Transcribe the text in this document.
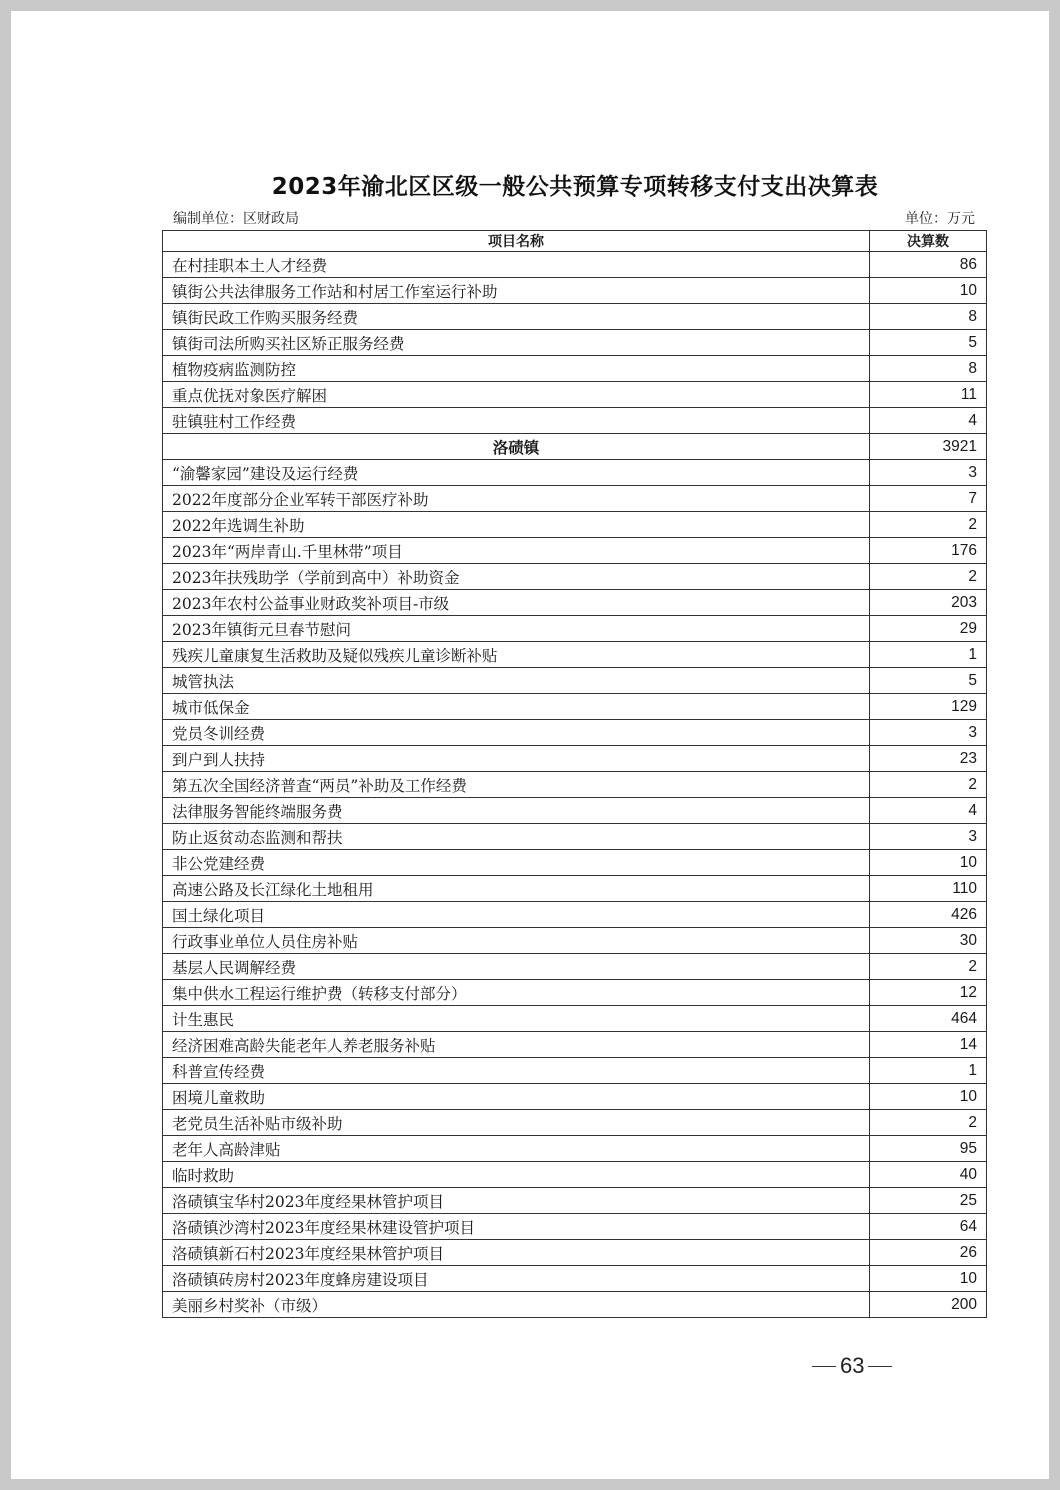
2023年渝北区区级一般公共预算专项转移支付支出决算表
编制单位：区财政局	单位：万元
项目名称	决算数
在村挂职本土人才经费	86
镇街公共法律服务工作站和村居工作室运行补助	10
镇街民政工作购买服务经费	8
镇街司法所购买社区矫正服务经费	5
植物疫病监测防控	8
重点优抚对象医疗解困	11
驻镇驻村工作经费	4
洛碛镇	3921
“渝馨家园”建设及运行经费	3
2022年度部分企业军转干部医疗补助	7
2022年选调生补助	2
2023年“两岸青山.千里林带”项目	176
2023年扶残助学（学前到高中）补助资金	2
2023年农村公益事业财政奖补项目-市级	203
2023年镇街元旦春节慰问	29
残疾儿童康复生活救助及疑似残疾儿童诊断补贴	1
城管执法	5
城市低保金	129
党员冬训经费	3
到户到人扶持	23
第五次全国经济普查“两员”补助及工作经费	2
法律服务智能终端服务费	4
防止返贫动态监测和帮扶	3
非公党建经费	10
高速公路及长江绿化土地租用	110
国土绿化项目	426
行政事业单位人员住房补贴	30
基层人民调解经费	2
集中供水工程运行维护费（转移支付部分）	12
计生惠民	464
经济困难高龄失能老年人养老服务补贴	14
科普宣传经费	1
困境儿童救助	10
老党员生活补贴市级补助	2
老年人高龄津贴	95
临时救助	40
洛碛镇宝华村2023年度经果林管护项目	25
洛碛镇沙湾村2023年度经果林建设管护项目	64
洛碛镇新石村2023年度经果林管护项目	26
洛碛镇砖房村2023年度蜂房建设项目	10
美丽乡村奖补（市级）	200
63
